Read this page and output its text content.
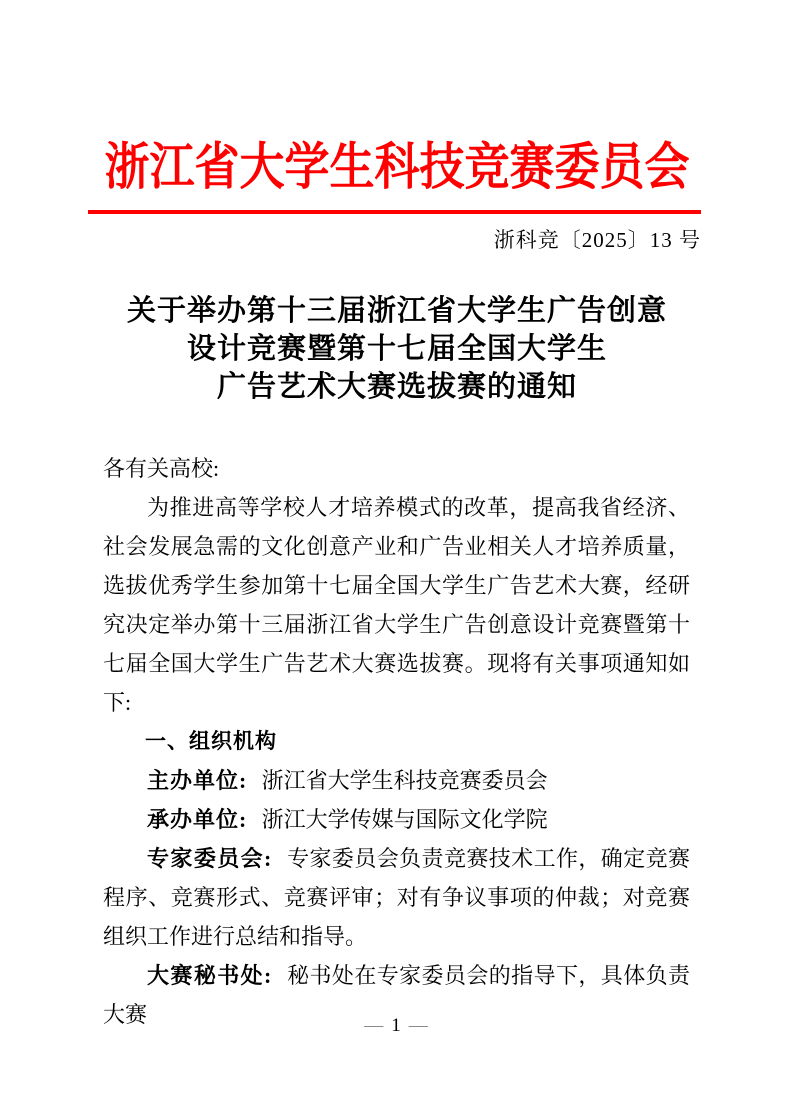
浙江省大学生科技竞赛委员会
浙科竞〔2025〕13 号
关于举办第十三届浙江省大学生广告创意
设计竞赛暨第十七届全国大学生
广告艺术大赛选拔赛的通知

各有关高校:

为推进高等学校人才培养模式的改革，提高我省经济、社会发展急需的文化创意产业和广告业相关人才培养质量，选拔优秀学生参加第十七届全国大学生广告艺术大赛，经研究决定举办第十三届浙江省大学生广告创意设计竞赛暨第十七届全国大学生广告艺术大赛选拔赛。现将有关事项通知如下:

一、组织机构

主办单位: 浙江省大学生科技竞赛委员会

承办单位: 浙江大学传媒与国际文化学院

专家委员会: 专家委员会负责竞赛技术工作，确定竞赛程序、竞赛形式、竞赛评审；对有争议事项的仲裁；对竞赛组织工作进行总结和指导。

大赛秘书处: 秘书处在专家委员会的指导下，具体负责大赛	— 1 —
